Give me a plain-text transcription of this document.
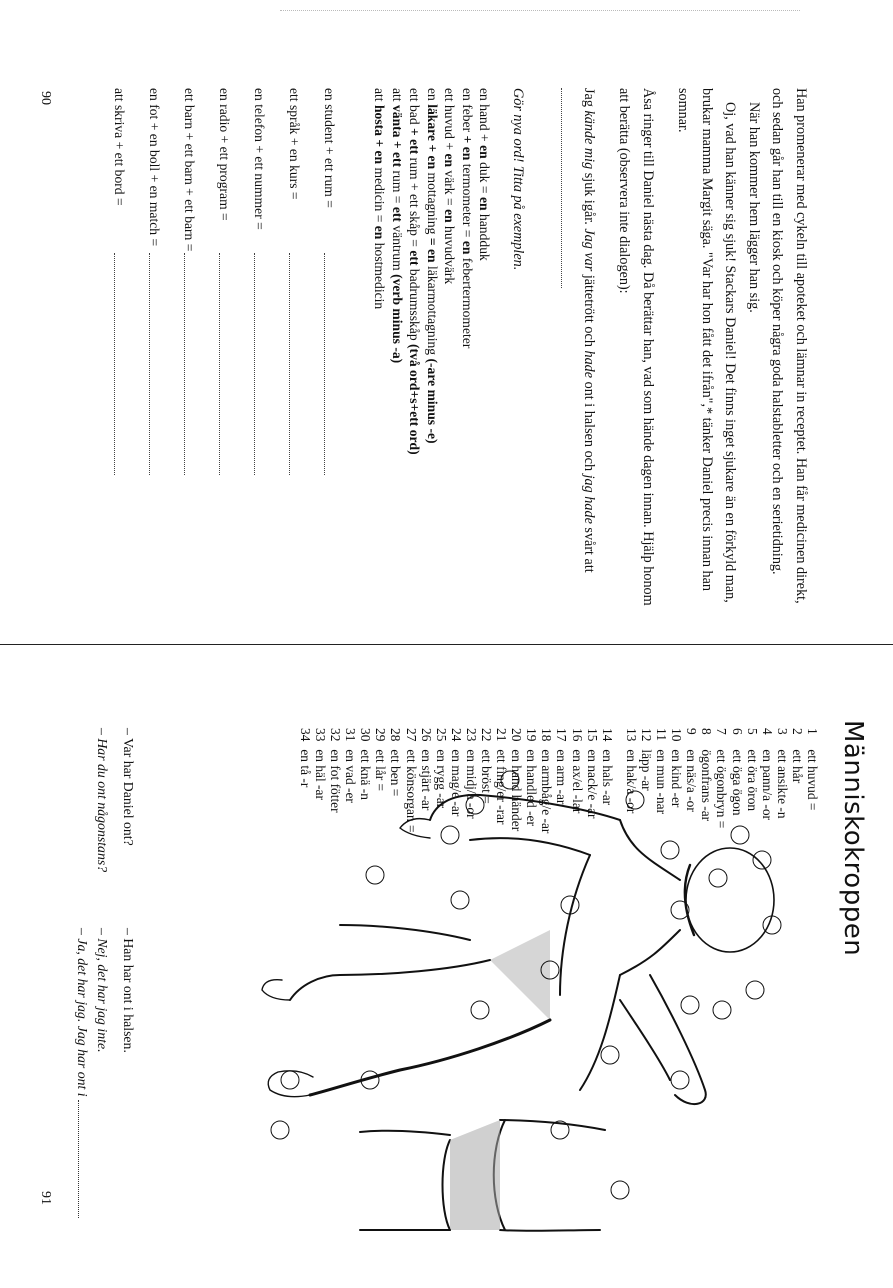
90	Han promenerar med cykeln till apoteket och lämnar in receptet. Han får medicinen direkt, och sedan går han till en kiosk och köper några goda halstabletter och en serietidning.

När han kommer hem lägger han sig.

Oj, vad han känner sig sjuk! Stackars Daniel! Det finns inget sjukare än en förkyld man, brukar mamma Margit säga. "Var har hon fått det ifrån",* tänker Daniel precis innan han somnar.

Åsa ringer till Daniel nästa dag. Då berättar han, vad som hände dagen innan. Hjälp honom att berätta (observera inte dialogen):

Jag kände mig sjuk igår. Jag var jättetrött och hade ont i halsen och jag hade svårt att

Gör nya ord! Titta på exemplen.

en hand + en duk = en handduk

en feber + en termometer = en febertermometer

ett huvud + en värk = en huvudvärk

en läkare + en mottagning = en läkarmottagning (-are minus -e)

ett bad + ett rum + ett skåp = ett badrumsskåp (två ord+s+ett ord)

att vänta + ett rum = ett väntrum (verb minus -a)

att hosta + en medicin = en hostmedicin

en student + ett rum =
ett språk + en kurs =
en telefon + ett nummer =
en radio + ett program =
ett barn + ett barn + ett barn =
en fot + en boll + en match =
att skriva + ett bord =
Människokroppen
1 ett huvud =
2 ett hår
3 ett ansikte -n
4 en pann/a -or
5 ett öra öron
6 ett öga ögon
7 ett ögonbryn =
8 ögonfrans -ar
9 en näs/a -or
10 en kind -er
11 en mun -nar
12 läpp -ar
13 en hak/a -or
14 en hals -ar
15 en nack/e -ar
16 en ax/el -lar
17 en arm -ar
18 en armbåg/e -ar
19 en handled -er
20 en hand händer
21 ett fing/er -rar
22 ett bröst =
23 en midj/a -or
24 en mag/e -ar
25 en rygg -ar
26 en stjärt -ar
27 ett könsorgan =
28 ett ben =
29 ett lår =
30 ett knä -n
31 en vad -er
32 en fot fötter
33 en häl -ar
34 en tå -r
– Var har Daniel ont?
– Han har ont i halsen.
– Har du ont någonstans?
– Nej, det har jag inte.
– Ja, det har jag. Jag har ont i
91
